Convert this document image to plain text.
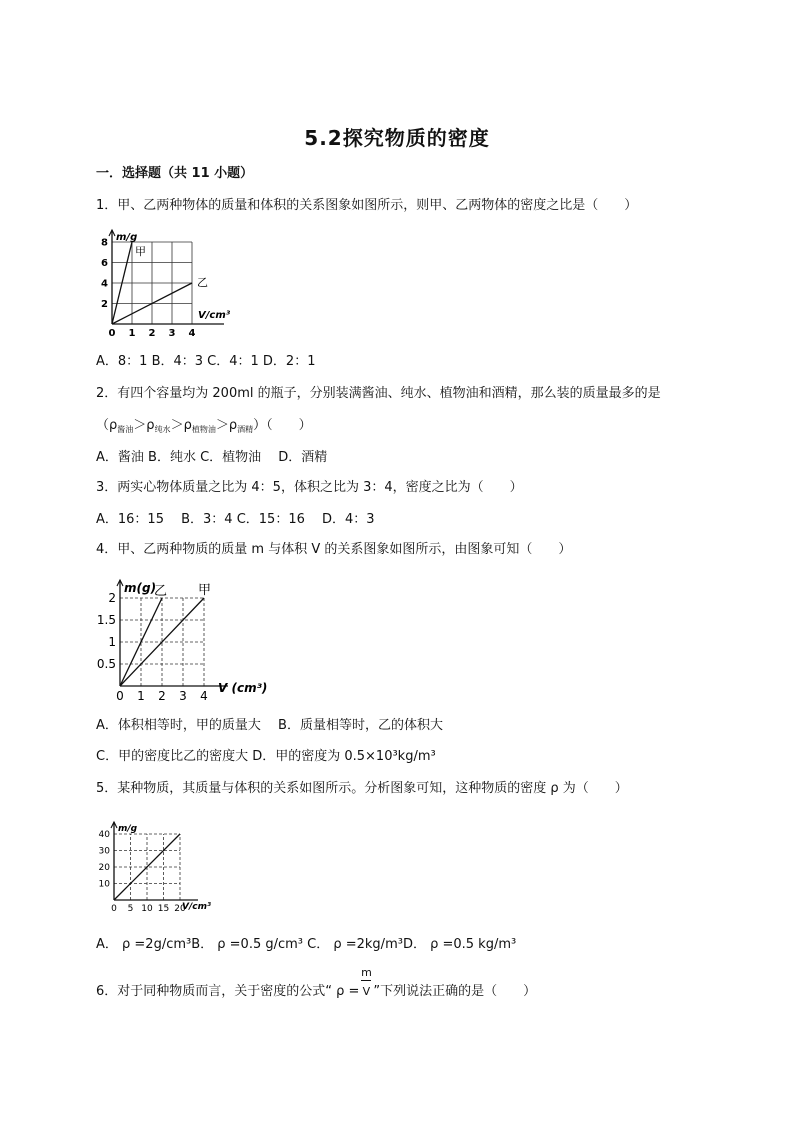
5.2探究物质的密度
一．选择题（共 11 小题）
1．甲、乙两种物体的质量和体积的关系图象如图所示，则甲、乙两物体的密度之比是（　　）
0 1 2 3 4
2
4
6
8
V/cm³
m/g
甲
乙
A．8：1 B．4：3 C．4：1 D．2：1
2．有四个容量均为 200ml 的瓶子，分别装满酱油、纯水、植物油和酒精，那么装的质量最多的是
$(\rho_{酱油}>\rho_{纯水}>\rho_{植物油}>\rho_{酒精})$（　　）
A．酱油 B．纯水 C．植物油　 D．酒精
3．两实心物体质量之比为 4：5，体积之比为 3：4，密度之比为（　　）
A．16：15　 B．3：4 C．15：16　 D．4：3
4．甲、乙两种物质的质量 m 与体积 V 的关系图象如图所示，由图象可知（　　）
0 1 2 3 4
0.5
1
1.5
2
V (cm³)
m(g)
乙 甲
A．体积相等时，甲的质量大　 B．质量相等时，乙的体积大
C．甲的密度比乙的密度大 D．甲的密度为 0.5×10³kg/m³
5．某种物质，其质量与体积的关系如图所示。分析图象可知，这种物质的密度 ρ 为（　　）
0 5 10 15 20
10
20
30
40
V/cm³
m/g
A． ρ =2g/cm³B． ρ =0.5 g/cm³ C． ρ =2kg/m³D． ρ =0.5 kg/m³
6．对于同种物质而言，关于密度的公式“ $\rho = \frac{m}{V}$”下列说法正确的是（　　）
